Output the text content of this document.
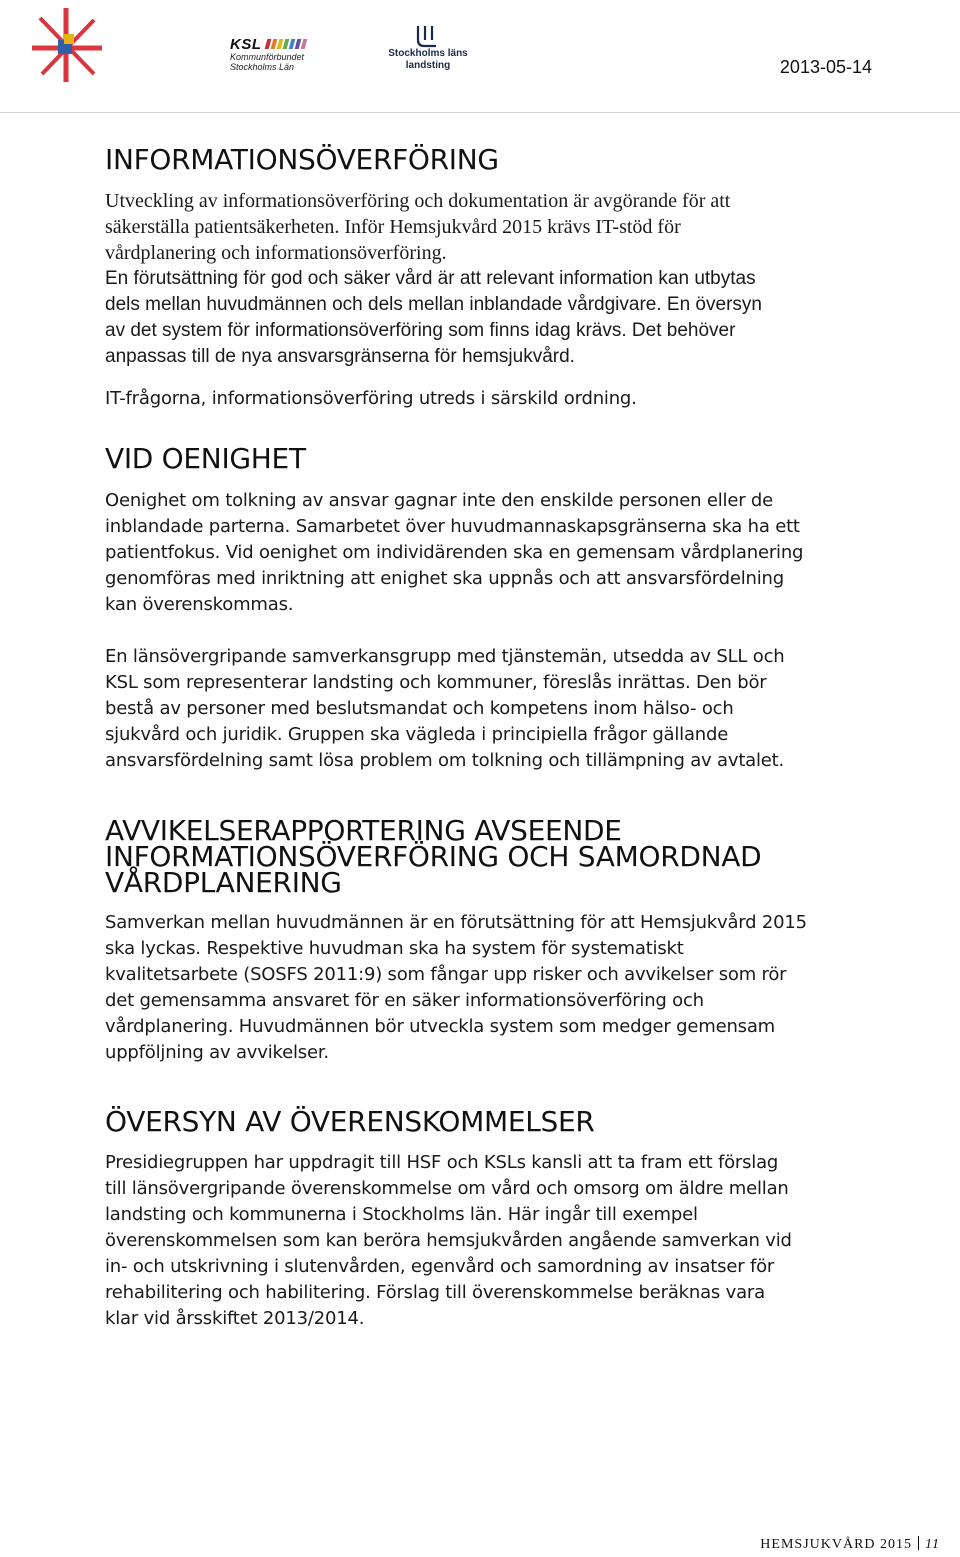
KSL
Kommunförbundet
Stockholms Län
Stockholms läns
landsting	2013-05-14
INFORMATIONSÖVERFÖRING

Utveckling av informationsöverföring och dokumentation är avgörande för att
säkerställa patientsäkerheten. Inför Hemsjukvård 2015 krävs IT-stöd för
vårdplanering och informationsöverföring.

En förutsättning för god och säker vård är att relevant information kan utbytas
dels mellan huvudmännen och dels mellan inblandade vårdgivare. En översyn
av det system för informationsöverföring som finns idag krävs. Det behöver
anpassas till de nya ansvarsgränserna för hemsjukvård.

IT-frågorna, informationsöverföring utreds i särskild ordning.

VID OENIGHET

Oenighet om tolkning av ansvar gagnar inte den enskilde personen eller de
inblandade parterna. Samarbetet över huvudmannaskapsgränserna ska ha ett
patientfokus. Vid oenighet om individärenden ska en gemensam vårdplanering
genomföras med inriktning att enighet ska uppnås och att ansvarsfördelning
kan överenskommas.

En länsövergripande samverkansgrupp med tjänstemän, utsedda av SLL och
KSL som representerar landsting och kommuner, föreslås inrättas. Den bör
bestå av personer med beslutsmandat och kompetens inom hälso- och
sjukvård och juridik. Gruppen ska vägleda i principiella frågor gällande
ansvarsfördelning samt lösa problem om tolkning och tillämpning av avtalet.

AVVIKELSERAPPORTERING AVSEENDE
INFORMATIONSÖVERFÖRING OCH SAMORDNAD
VÅRDPLANERING

Samverkan mellan huvudmännen är en förutsättning för att Hemsjukvård 2015
ska lyckas. Respektive huvudman ska ha system för systematiskt
kvalitetsarbete (SOSFS 2011:9) som fångar upp risker och avvikelser som rör
det gemensamma ansvaret för en säker informationsöverföring och
vårdplanering. Huvudmännen bör utveckla system som medger gemensam
uppföljning av avvikelser.

ÖVERSYN AV ÖVERENSKOMMELSER

Presidiegruppen har uppdragit till HSF och KSLs kansli att ta fram ett förslag
till länsövergripande överenskommelse om vård och omsorg om äldre mellan
landsting och kommunerna i Stockholms län. Här ingår till exempel
överenskommelsen som kan beröra hemsjukvården angående samverkan vid
in- och utskrivning i slutenvården, egenvård och samordning av insatser för
rehabilitering och habilitering. Förslag till överenskommelse beräknas vara
klar vid årsskiftet 2013/2014.

HEMSJUKVÅRD 2015 11
